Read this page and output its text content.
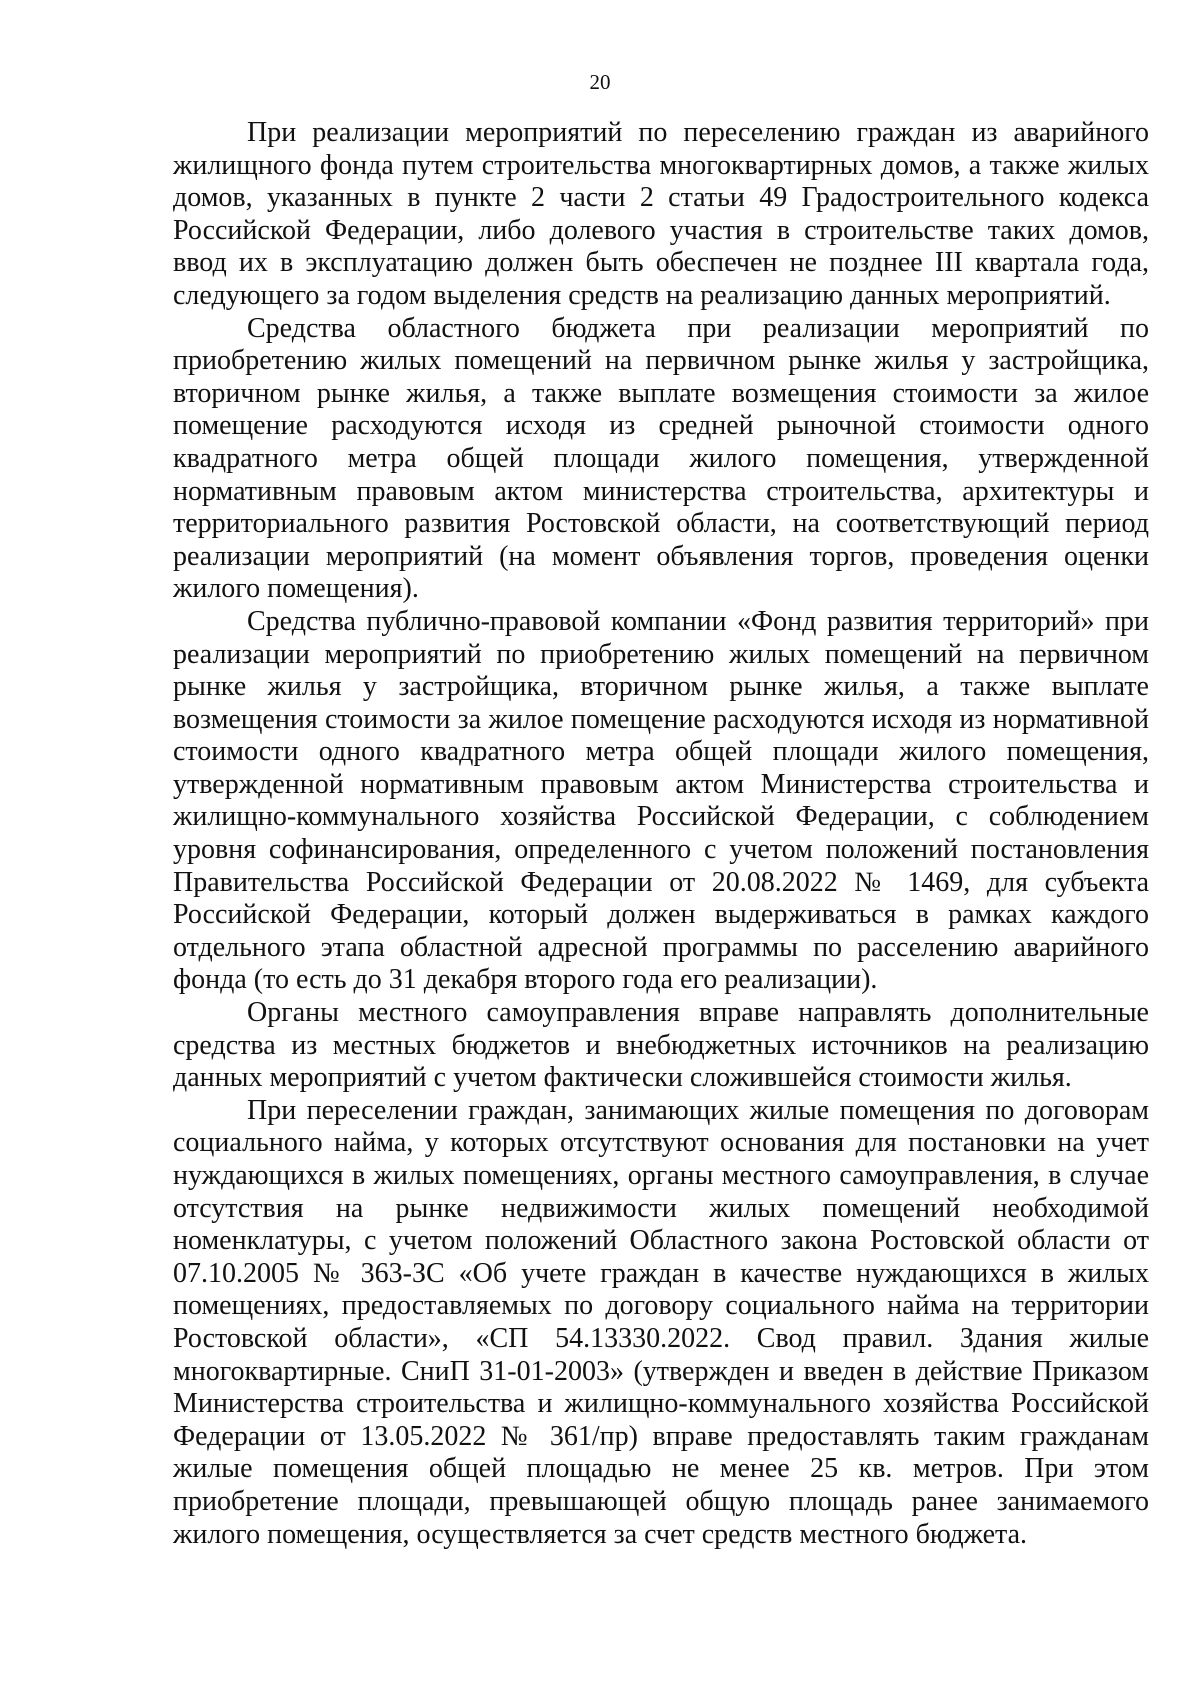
20

При реализации мероприятий по переселению граждан из аварийного жилищного фонда путем строительства многоквартирных домов, а также жилых домов, указанных в пункте 2 части 2 статьи 49 Градостроительного кодекса Российской Федерации, либо долевого участия в строительстве таких домов, ввод их в эксплуатацию должен быть обеспечен не позднее III квартала года, следующего за годом выделения средств на реализацию данных мероприятий.

Средства областного бюджета при реализации мероприятий по приобретению жилых помещений на первичном рынке жилья у застройщика, вторичном рынке жилья, а также выплате возмещения стоимости за жилое помещение расходуются исходя из средней рыночной стоимости одного квадратного метра общей площади жилого помещения, утвержденной нормативным правовым актом министерства строительства, архитектуры и территориального развития Ростовской области, на соответствующий период реализации мероприятий (на момент объявления торгов, проведения оценки жилого помещения).

Средства публично-правовой компании «Фонд развития территорий» при реализации мероприятий по приобретению жилых помещений на первичном рынке жилья у застройщика, вторичном рынке жилья, а также выплате возмещения стоимости за жилое помещение расходуются исходя из нормативной стоимости одного квадратного метра общей площади жилого помещения, утвержденной нормативным правовым актом Министерства строительства и жилищно-коммунального хозяйства Российской Федерации, с соблюдением уровня софинансирования, определенного с учетом положений постановления Правительства Российской Федерации от 20.08.2022 № 1469, для субъекта Российской Федерации, который должен выдерживаться в рамках каждого отдельного этапа областной адресной программы по расселению аварийного фонда (то есть до 31 декабря второго года его реализации).

Органы местного самоуправления вправе направлять дополнительные средства из местных бюджетов и внебюджетных источников на реализацию данных мероприятий с учетом фактически сложившейся стоимости жилья.

При переселении граждан, занимающих жилые помещения по договорам социального найма, у которых отсутствуют основания для постановки на учет нуждающихся в жилых помещениях, органы местного самоуправления, в случае отсутствия на рынке недвижимости жилых помещений необходимой номенклатуры, с учетом положений Областного закона Ростовской области от 07.10.2005 № 363-ЗС «Об учете граждан в качестве нуждающихся в жилых помещениях, предоставляемых по договору социального найма на территории Ростовской области», «СП 54.13330.2022. Свод правил. Здания жилые многоквартирные. СниП 31-01-2003» (утвержден и введен в действие Приказом Министерства строительства и жилищно-коммунального хозяйства Российской Федерации от 13.05.2022 № 361/пр) вправе предоставлять таким гражданам жилые помещения общей площадью не менее 25 кв. метров. При этом приобретение площади, превышающей общую площадь ранее занимаемого жилого помещения, осуществляется за счет средств местного бюджета.
